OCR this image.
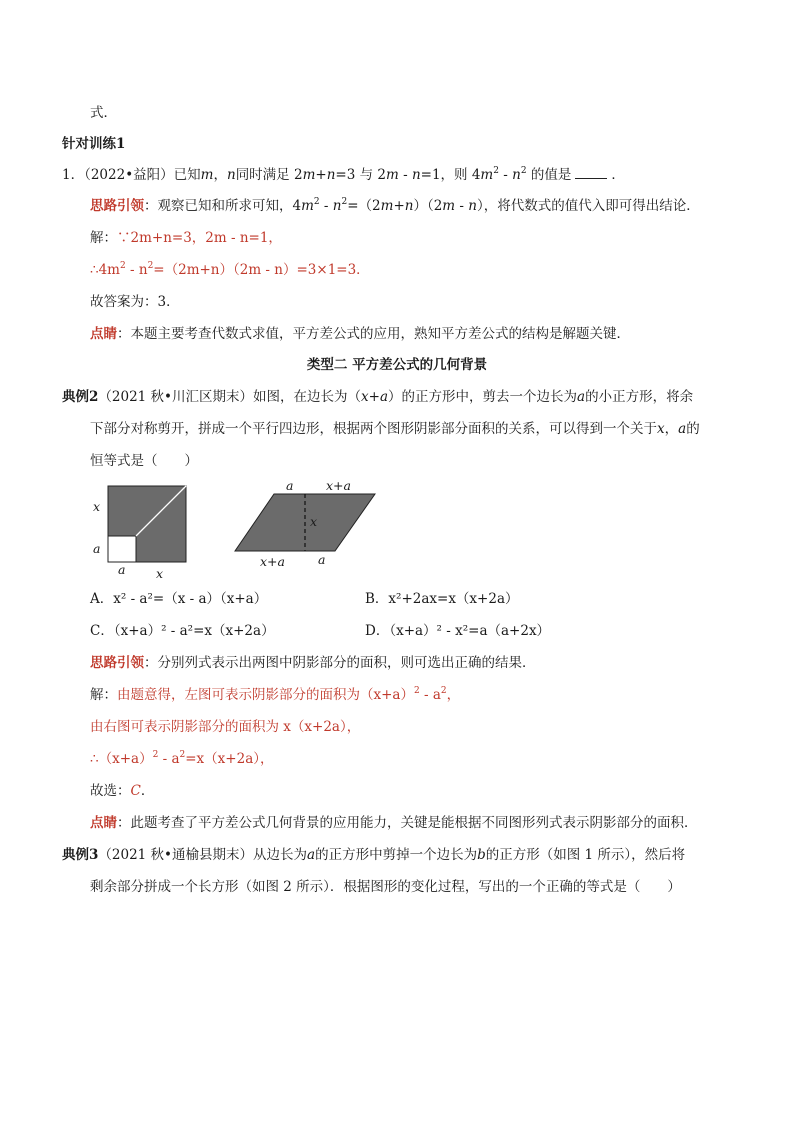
式．
针对训练1
1．（2022•益阳）已知m，n同时满足 2m+n=3 与 2m - n=1，则 $4m^2 - n^2$ 的值是	．
思路引领：观察已知和所求可知，$4m^2 - n^2=(2m+n)(2m - n)$，将代数式的值代入即可得出结论．
解：∵2m+n=3，2m - n=1，
$\therefore 4m^2 - n^2=(2m+n)(2m - n)=3\times 1=3$．
故答案为：3．
点睛：本题主要考查代数式求值，平方差公式的应用，熟知平方差公式的结构是解题关键．
类型二 平方差公式的几何背景
典例2（2021 秋•川汇区期末）如图，在边长为（x+a）的正方形中，剪去一个边长为a的小正方形，将余
下部分对称剪开，拼成一个平行四边形，根据两个图形阴影部分面积的关系，可以得到一个关于x，a的
恒等式是（　　）
x
a
a x
a	x+a
x
x+a	a
A．x² - a²=（x - a）（x+a）	B．x²+2ax=x（x+2a）
C．（x+a）² - a²=x（x+2a）	D．（x+a）² - x²=a（a+2x）
思路引领：分别列式表示出两图中阴影部分的面积，则可选出正确的结果．
解：由题意得，左图可表示阴影部分的面积为$(x+a)^2 - a^2$，
由右图可表示阴影部分的面积为 x（x+2a），
$\therefore(x+a)^2 - a^2=x(x+2a)$，
故选：C．
点睛：此题考查了平方差公式几何背景的应用能力，关键是能根据不同图形列式表示阴影部分的面积．
典例3（2021 秋•通榆县期末）从边长为a的正方形中剪掉一个边长为b的正方形（如图 1 所示），然后将
剩余部分拼成一个长方形（如图 2 所示）．根据图形的变化过程，写出的一个正确的等式是（　　）
